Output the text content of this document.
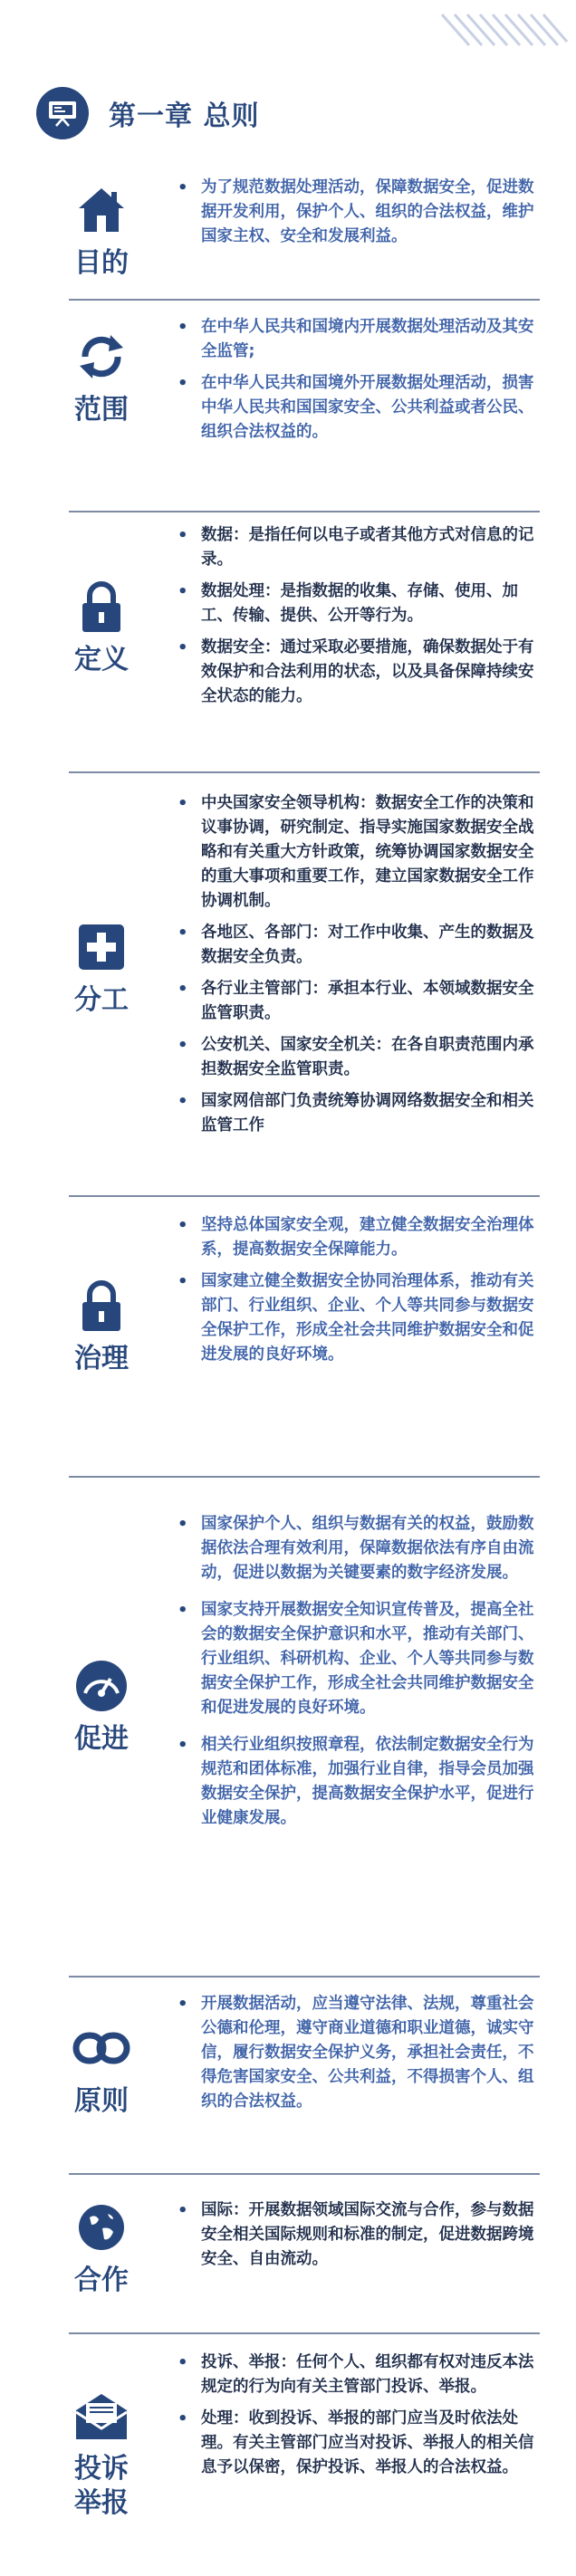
第一章 总则
目的
• 为了规范数据处理活动，保障数据安全，促进数据开发利用，保护个人、组织的合法权益，维护国家主权、安全和发展利益。
范围
• 在中华人民共和国境内开展数据处理活动及其安全监管;
• 在中华人民共和国境外开展数据处理活动，损害中华人民共和国国家安全、公共利益或者公民、组织合法权益的。
定义
• 数据：是指任何以电子或者其他方式对信息的记录。
• 数据处理：是指数据的收集、存储、使用、加工、传输、提供、公开等行为。
• 数据安全：通过采取必要措施，确保数据处于有效保护和合法利用的状态，以及具备保障持续安全状态的能力。
分工
• 中央国家安全领导机构：数据安全工作的决策和议事协调，研究制定、指导实施国家数据安全战略和有关重大方针政策，统筹协调国家数据安全的重大事项和重要工作，建立国家数据安全工作协调机制。
• 各地区、各部门：对工作中收集、产生的数据及数据安全负责。
• 各行业主管部门：承担本行业、本领域数据安全监管职责。
• 公安机关、国家安全机关：在各自职责范围内承担数据安全监管职责。
• 国家网信部门负责统筹协调网络数据安全和相关监管工作
治理
• 坚持总体国家安全观，建立健全数据安全治理体系，提高数据安全保障能力。
• 国家建立健全数据安全协同治理体系，推动有关部门、行业组织、企业、个人等共同参与数据安全保护工作，形成全社会共同维护数据安全和促进发展的良好环境。
促进
• 国家保护个人、组织与数据有关的权益，鼓励数据依法合理有效利用，保障数据依法有序自由流动，促进以数据为关键要素的数字经济发展。
• 国家支持开展数据安全知识宣传普及，提高全社会的数据安全保护意识和水平，推动有关部门、行业组织、科研机构、企业、个人等共同参与数据安全保护工作，形成全社会共同维护数据安全和促进发展的良好环境。
• 相关行业组织按照章程，依法制定数据安全行为规范和团体标准，加强行业自律，指导会员加强数据安全保护，提高数据安全保护水平，促进行业健康发展。
原则
• 开展数据活动，应当遵守法律、法规，尊重社会公德和伦理，遵守商业道德和职业道德，诚实守信，履行数据安全保护义务，承担社会责任，不得危害国家安全、公共利益，不得损害个人、组织的合法权益。
合作
• 国际：开展数据领域国际交流与合作，参与数据安全相关国际规则和标准的制定，促进数据跨境安全、自由流动。
投诉
举报
• 投诉、举报：任何个人、组织都有权对违反本法规定的行为向有关主管部门投诉、举报。
• 处理：收到投诉、举报的部门应当及时依法处理。有关主管部门应当对投诉、举报人的相关信息予以保密，保护投诉、举报人的合法权益。
